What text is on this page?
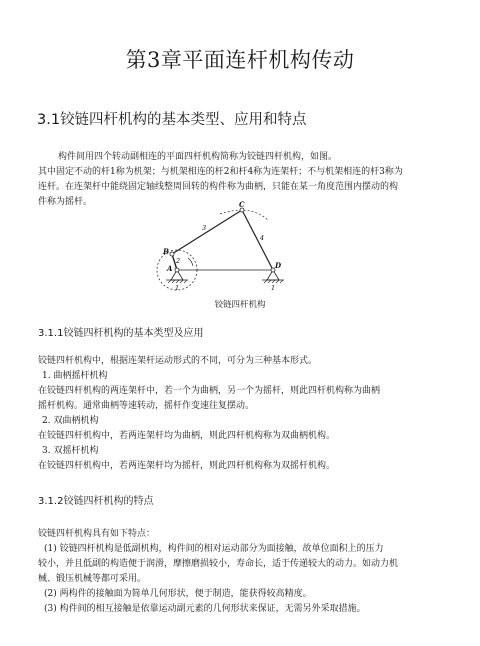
第3章平面连杆机构传动
3.1铰链四杆机构的基本类型、应用和特点
构件间用四个转动副相连的平面四杆机构简称为铰链四杆机构，如图。
其中固定不动的杆1称为机架；与机架相连的杆2和杆4称为连架杆；不与机架相连的杆3称为
连杆。在连架杆中能绕固定轴线整周回转的构件称为曲柄，只能在某一角度范围内摆动的构
件称为摇杆。
B
C
A	D
3
4
2
1	1
铰链四杆机构
3.1.1铰链四杆机构的基本类型及应用
铰链四杆机构中，根据连架杆运动形式的不同，可分为三种基本形式。
1. 曲柄摇杆机构
在铰链四杆机构的两连架杆中，若一个为曲柄，另一个为摇杆，则此四杆机构称为曲柄
摇杆机构。通常曲柄等速转动，摇杆作变速往复摆动。
2. 双曲柄机构
在铰链四杆机构中，若两连架杆均为曲柄，则此四杆机构称为双曲柄机构。
3. 双摇杆机构
在铰链四杆机构中，若两连架杆均为摇杆，则此四杆机构称为双摇杆机构。
3.1.2铰链四杆机构的特点
铰链四杆机构具有如下特点：
(1) 铰链四杆机构是低副机构，构件间的相对运动部分为面接触，故单位面积上的压力
较小，并且低副的构造便于润滑，摩擦磨损较小，寿命长，适于传递较大的动力。如动力机
械、锻压机械等都可采用。
(2) 两构件的接触面为简单几何形状，便于制造，能获得较高精度。
(3) 构件间的相互接触是依靠运动副元素的几何形状来保证，无需另外采取措施。
